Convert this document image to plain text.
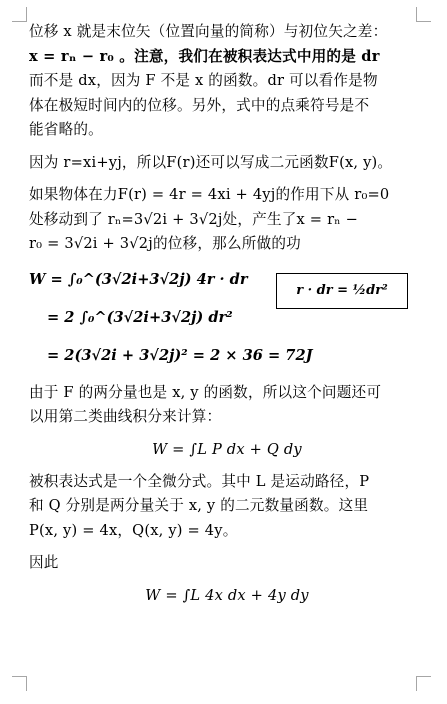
位移 x 就是末位矢（位置向量的简称）与初位矢之差：
x = rₙ − r₀ 。注意，我们在被积表达式中用的是 dr
而不是 dx，因为 F 不是 x 的函数。dr 可以看作是物
体在极短时间内的位移。另外，式中的点乘符号是不
能省略的。
因为 r=xi+yj，所以F(r)还可以写成二元函数F(x, y)。
如果物体在力F(r) = 4r = 4xi + 4yj的作用下从 r₀=0
处移动到了 rₙ=3√2i + 3√2j处，产生了x = rₙ −
r₀ = 3√2i + 3√2j的位移，那么所做的功
W = ∫₀^(3√2i+3√2j) 4r · dr
= 2 ∫₀^(3√2i+3√2j) dr²
= 2(3√2i + 3√2j)² = 2 × 36 = 72J
r · dr = ½dr²
由于 F 的两分量也是 x, y 的函数，所以这个问题还可
以用第二类曲线积分来计算：
W = ∫L P dx + Q dy
被积表达式是一个全微分式。其中 L 是运动路径，P
和 Q 分别是两分量关于 x, y 的二元数量函数。这里
P(x, y) = 4x，Q(x, y) = 4y。
因此
W = ∫L 4x dx + 4y dy
